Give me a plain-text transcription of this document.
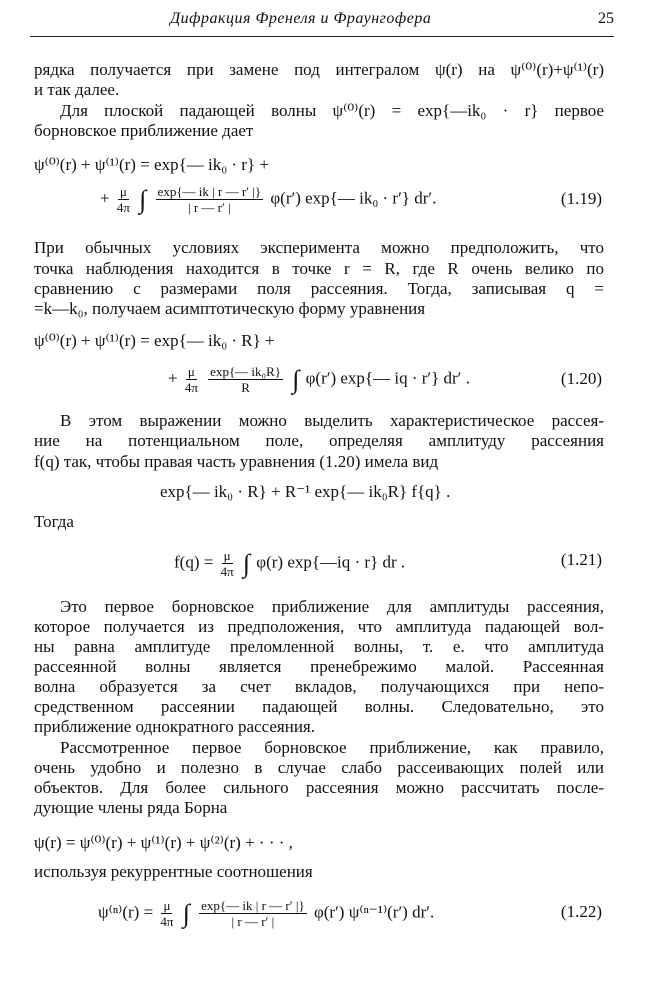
Дифракция Френеля и Фраунгофера	25
рядка получается при замене под интегралом ψ(r) на ψ⁽⁰⁾(r)+ψ⁽¹⁾(r)
и так далее.
Для плоской падающей волны ψ⁽⁰⁾(r) = exp{—ik₀ · r} первое
борновское приближение дает
ψ⁽⁰⁾(r) + ψ⁽¹⁾(r) = exp{— ik₀ · r} +
+ $\frac{\mu}{4\pi}$ ∫ $\frac{\exp\{— ik | r — r' |\}}{| r — r' |} \varphi(r')$ exp{— ik₀ · r′} dr′.	(1.19)
При обычных условиях эксперимента можно предположить, что
точка наблюдения находится в точке r = R, где R очень велико по
сравнению с размерами поля рассеяния. Тогда, записывая q =
=k—k₀, получаем асимптотическую форму уравнения
ψ⁽⁰⁾(r) + ψ⁽¹⁾(r) = exp{— ik₀ · R} +
+ $\frac{\mu}{4\pi}$
$\frac{\text{exp\{— ik₀R\}}}{R}$ ∫ φ(r′) exp{— iq · r′} dr′ .	(1.20)
В этом выражении можно выделить характеристическое рассея-
ние на потенциальном поле, определяя амплитуду рассеяния
f(q) так, чтобы правая часть уравнения (1.20) имела вид
exp{— ik₀ · R} + R⁻¹ exp{— ik₀R} f{q} .
Тогда
$f(q) = \frac{\mu}{4\pi}$ ∫ φ(r) exp{—iq · r} dr .	(1.21)
Это первое борновское приближение для амплитуды рассеяния,
которое получается из предположения, что амплитуда падающей вол-
ны равна амплитуде преломленной волны, т. е. что амплитуда
рассеянной волны является пренебрежимо малой. Рассеянная
волна образуется за счет вкладов, получающихся при непо-
средственном рассеянии падающей волны. Следовательно, это
приближение однократного рассеяния.
Рассмотренное первое борновское приближение, как правило,
очень удобно и полезно в случае слабо рассеивающих полей или
объектов. Для более сильного рассеяния можно рассчитать после-
дующие члены ряда Борна
ψ(r) = ψ⁽⁰⁾(r) + ψ⁽¹⁾(r) + ψ⁽²⁾(r) + · · · ,
используя рекуррентные соотношения
$\psi^{(n)}(r) = \frac{\mu}{4\pi}$ ∫ $\frac{\exp\{— ik | r — r' |\}}{| r — r' |} \varphi(r')$ ψ⁽ⁿ⁻¹⁾(r′) dr′.	(1.22)
